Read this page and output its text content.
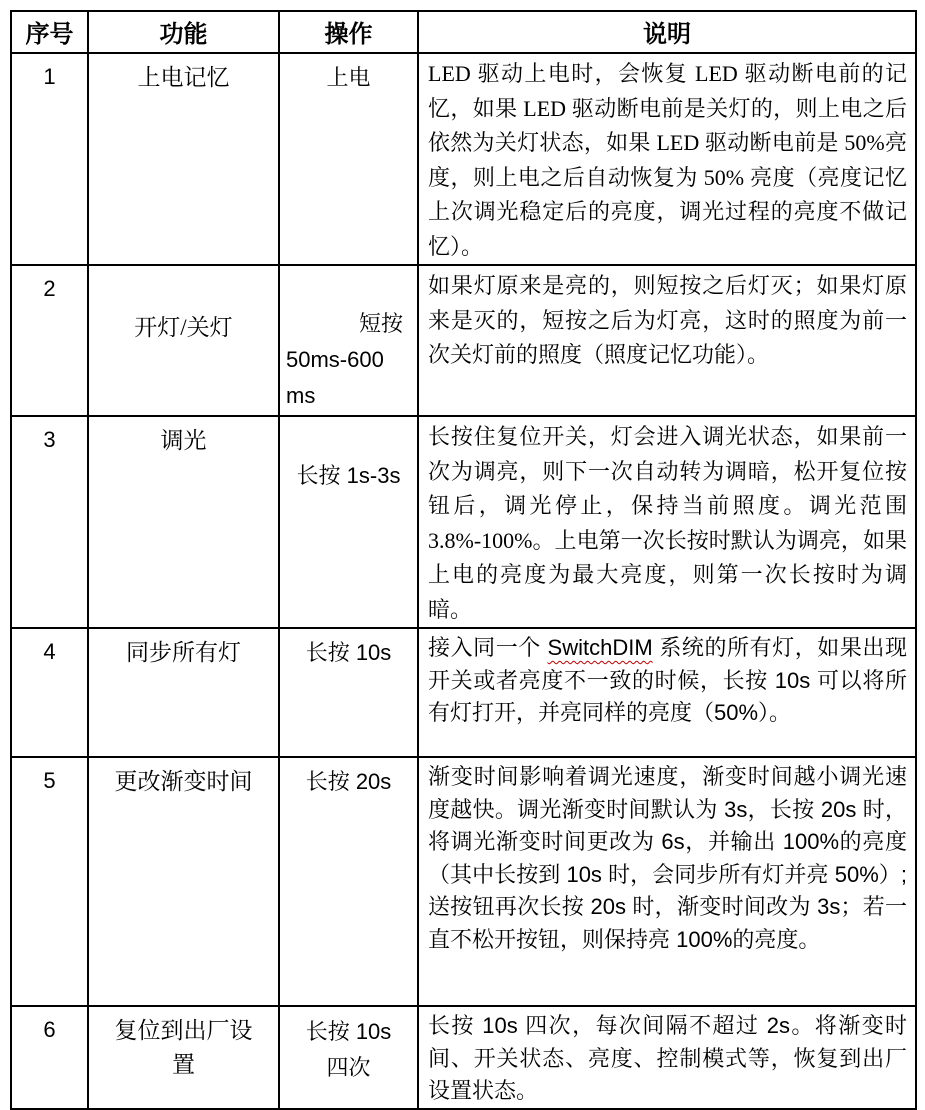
序号	功能	操作	说明
1	上电记忆	上电	LED 驱动上电时，会恢复 LED 驱动断电前的记忆，如果 LED 驱动断电前是关灯的，则上电之后依然为关灯状态，如果 LED 驱动断电前是 50%亮度，则上电之后自动恢复为 50% 亮度（亮度记忆上次调光稳定后的亮度，调光过程的亮度不做记忆）。
2	开灯/关灯	短按
50ms-600
ms	如果灯原来是亮的，则短按之后灯灭；如果灯原来是灭的，短按之后为灯亮，这时的照度为前一次关灯前的照度（照度记忆功能）。
3	调光	长按 1s-3s	长按住复位开关，灯会进入调光状态，如果前一次为调亮，则下一次自动转为调暗，松开复位按钮后，调光停止，保持当前照度。调光范围 3.8%-100%。上电第一次长按时默认为调亮，如果上电的亮度为最大亮度，则第一次长按时为调暗。
4	同步所有灯	长按 10s	接入同一个 SwitchDIM 系统的所有灯，如果出现开关或者亮度不一致的时候，长按 10s 可以将所有灯打开，并亮同样的亮度（50%）。
5	更改渐变时间	长按 20s	渐变时间影响着调光速度，渐变时间越小调光速度越快。调光渐变时间默认为 3s，长按 20s 时，将调光渐变时间更改为 6s，并输出 100%的亮度（其中长按到 10s 时，会同步所有灯并亮 50%）;送按钮再次长按 20s 时，渐变时间改为 3s；若一直不松开按钮，则保持亮 100%的亮度。
6	复位到出厂设置	长按 10s
四次	长按 10s 四次，每次间隔不超过 2s。将渐变时间、开关状态、亮度、控制模式等，恢复到出厂设置状态。
